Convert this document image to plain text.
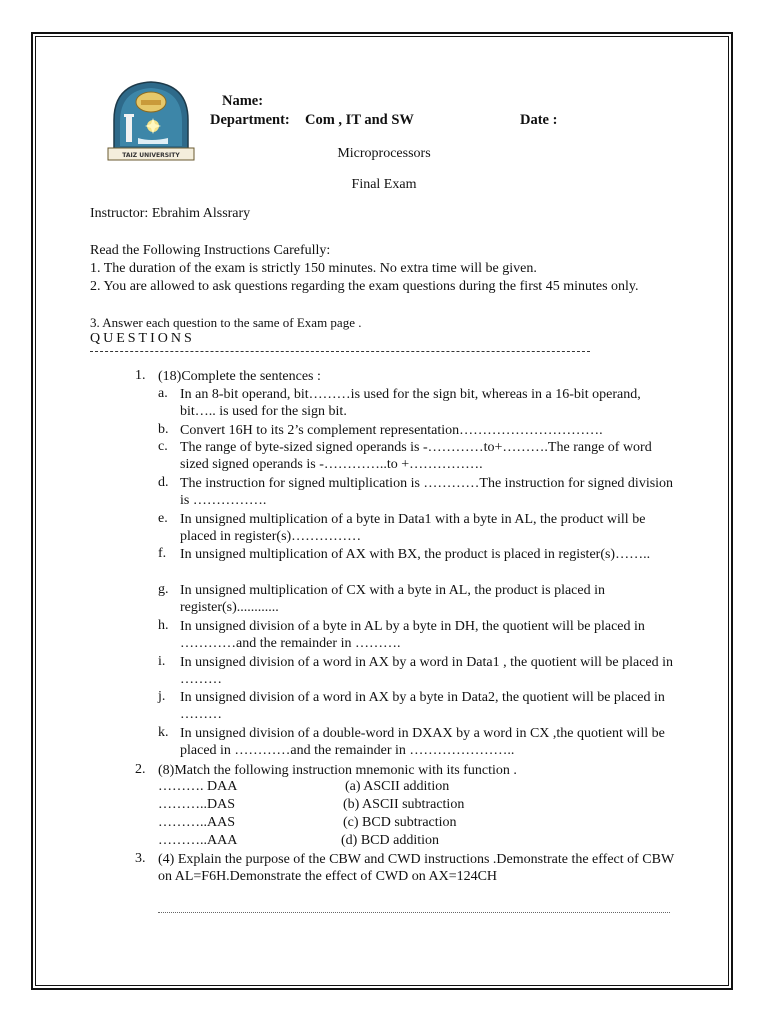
TAIZ UNIVERSITY
Name:
Department: Com , IT and SW	Date :
Microprocessors
Final Exam
Instructor: Ebrahim Alssrary
Read the Following Instructions Carefully:
1. The duration of the exam is strictly 150 minutes. No extra time will be given.
2. You are allowed to ask questions regarding the exam questions during the first 45 minutes only.
3. Answer each question to the same of Exam page .
QUESTIONS
1. (18)Complete the sentences :
a. In an 8-bit operand, bit………is used for the sign bit, whereas in a 16-bit operand, bit….. is used for the sign bit.
b. Convert 16H to its 2’s complement representation………………………….
c. The range of byte-sized signed operands is -…………to+……….The range of word sized signed operands is -…………..to +…………….
d. The instruction for signed multiplication is …………The instruction for signed division is …………….
e. In unsigned multiplication of a byte in Data1 with a byte in AL, the product will be placed in register(s)……………
f. In unsigned multiplication of AX with BX, the product is placed in register(s)……..
g. In unsigned multiplication of CX with a byte in AL, the product is placed in register(s)............
h. In unsigned division of a byte in AL by a byte in DH, the quotient will be placed in …………and the remainder in ……….
i. In unsigned division of a word in AX by a word in Data1 , the quotient will be placed in ………
j. In unsigned division of a word in AX by a byte in Data2, the quotient will be placed in ………
k. In unsigned division of a double-word in DXAX by a word in CX ,the quotient will be placed in …………and the remainder in …………………..
2. (8)Match the following instruction mnemonic with its function .
………. DAA	(a) ASCII addition
………..DAS	(b) ASCII subtraction
………..AAS	(c) BCD subtraction
………..AAA	(d) BCD addition
3. (4) Explain the purpose of the CBW and CWD instructions .Demonstrate the effect of CBW on AL=F6H.Demonstrate the effect of CWD on AX=124CH
